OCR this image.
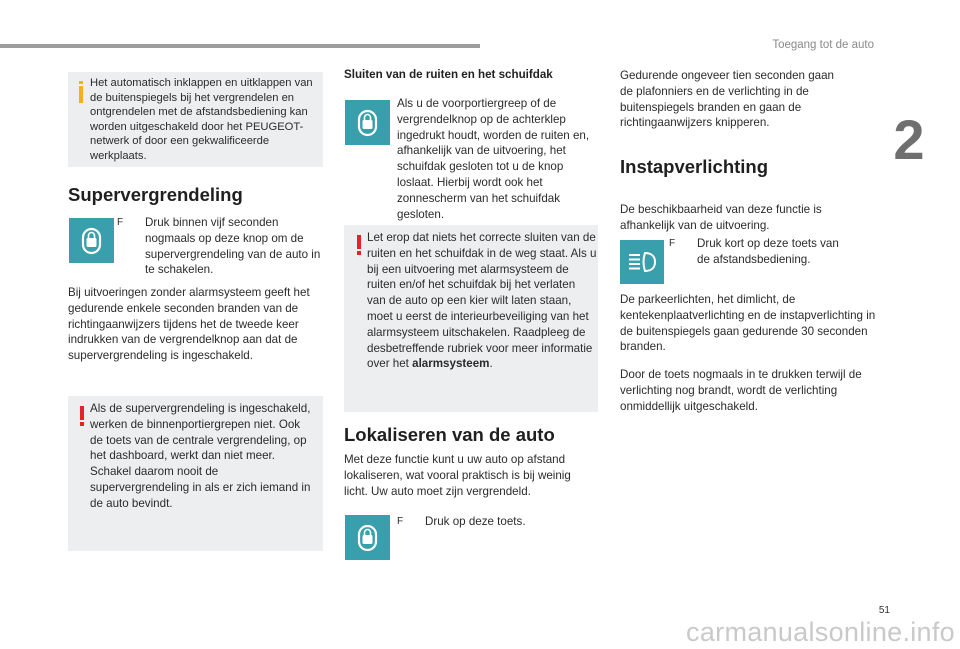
Toegang tot de auto
2
Het automatisch inklappen en uitklappen van de buitenspiegels bij het vergrendelen en ontgrendelen met de afstandsbediening kan worden uitgeschakeld door het PEUGEOT-netwerk of door een gekwalificeerde werkplaats.
Supervergrendeling
F Druk binnen vijf seconden nogmaals op deze knop om de supervergrendeling van de auto in te schakelen.
Bij uitvoeringen zonder alarmsysteem geeft het gedurende enkele seconden branden van de richtingaanwijzers tijdens het de tweede keer indrukken van de vergrendelknop aan dat de supervergrendeling is ingeschakeld.
Als de supervergrendeling is ingeschakeld, werken de binnenportiergrepen niet. Ook de toets van de centrale vergrendeling, op het dashboard, werkt dan niet meer. Schakel daarom nooit de supervergrendeling in als er zich iemand in de auto bevindt.
Sluiten van de ruiten en het schuifdak
Als u de voorportiergreep of de vergrendelknop op de achterklep ingedrukt houdt, worden de ruiten en, afhankelijk van de uitvoering, het schuifdak gesloten tot u de knop loslaat. Hierbij wordt ook het zonnescherm van het schuifdak gesloten.
Let erop dat niets het correcte sluiten van de ruiten en het schuifdak in de weg staat. Als u bij een uitvoering met alarmsysteem de ruiten en/of het schuifdak bij het verlaten van de auto op een kier wilt laten staan, moet u eerst de interieurbeveiliging van het alarmsysteem uitschakelen. Raadpleeg de desbetreffende rubriek voor meer informatie over het alarmsysteem.
Lokaliseren van de auto
Met deze functie kunt u uw auto op afstand lokaliseren, wat vooral praktisch is bij weinig licht. Uw auto moet zijn vergrendeld.
F Druk op deze toets.
Gedurende ongeveer tien seconden gaan de plafonniers en de verlichting in de buitenspiegels branden en gaan de richtingaanwijzers knipperen.
Instapverlichting
De beschikbaarheid van deze functie is afhankelijk van de uitvoering.
F Druk kort op deze toets van de afstandsbediening.
De parkeerlichten, het dimlicht, de kentekenplaatverlichting en de instapverlichting in de buitenspiegels gaan gedurende 30 seconden branden.
Door de toets nogmaals in te drukken terwijl de verlichting nog brandt, wordt de verlichting onmiddellijk uitgeschakeld.
51
carmanualsonline.info
